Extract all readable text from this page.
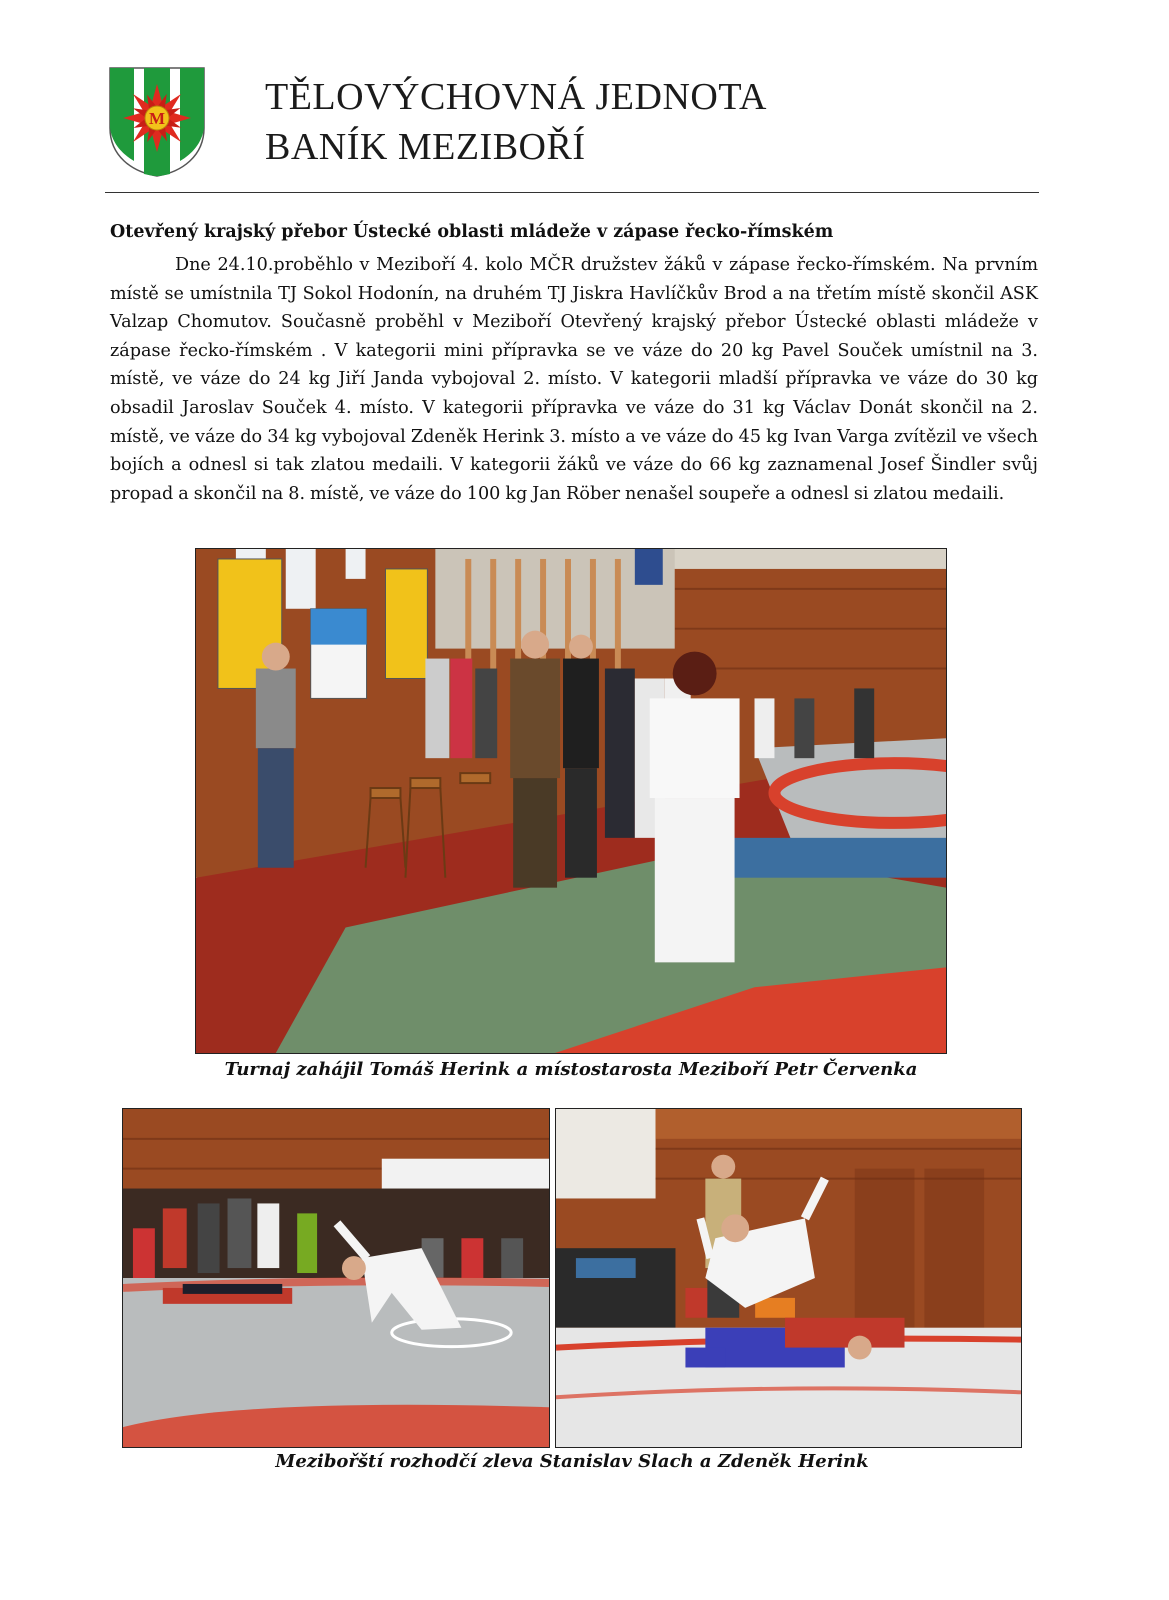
M
TĚLOVÝCHOVNÁ JEDNOTA
BANÍK MEZIBOŘÍ
Otevřený krajský přebor Ústecké oblasti mládeže v zápase řecko-římském

Dne 24.10.proběhlo v Meziboří 4. kolo MČR družstev žáků v zápase řecko-římském. Na prvním místě se umístnila TJ Sokol Hodonín, na druhém TJ Jiskra Havlíčkův Brod a na třetím místě skončil ASK Valzap Chomutov. Současně proběhl v Meziboří Otevřený krajský přebor Ústecké oblasti mládeže v zápase řecko-římském . V kategorii mini přípravka se ve váze do 20 kg Pavel Souček umístnil na 3. místě, ve váze do 24 kg Jiří Janda vybojoval 2. místo. V kategorii mladší přípravka ve váze do 30 kg obsadil Jaroslav Souček 4. místo. V kategorii přípravka ve váze do 31 kg Václav Donát skončil na 2. místě, ve váze do 34 kg vybojoval Zdeněk Herink 3. místo a ve váze do 45 kg Ivan Varga zvítězil ve všech bojích a odnesl si tak zlatou medaili. V kategorii žáků ve váze do 66 kg zaznamenal Josef Šindler svůj propad a skončil na 8. místě, ve váze do 100 kg Jan Röber nenašel soupeře a odnesl si zlatou medaili.

Turnaj zahájil Tomáš Herink a místostarosta Meziboří Petr Červenka
Mezibořští rozhodčí zleva Stanislav Slach a Zdeněk Herink
